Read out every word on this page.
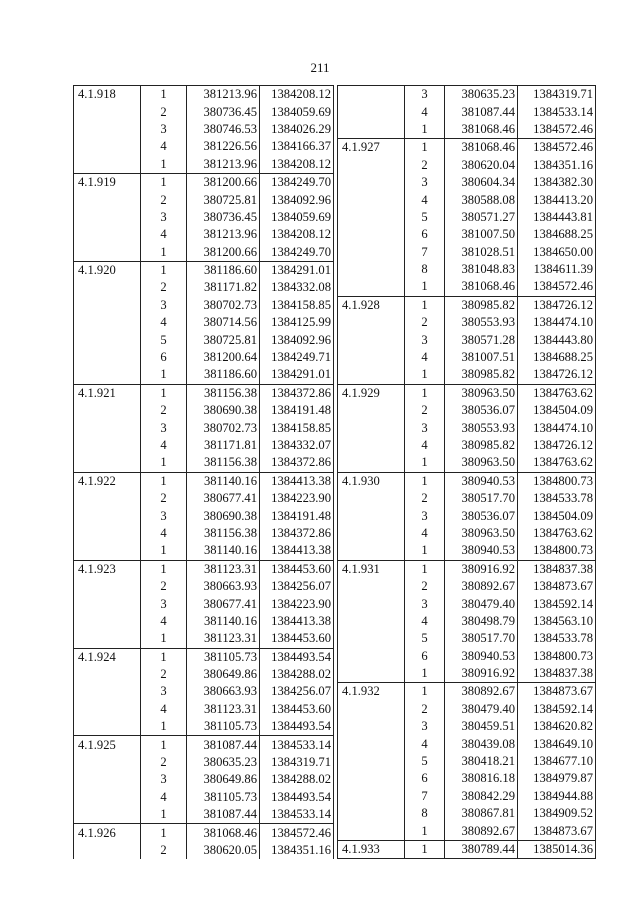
211
4.1.918	1	381213.96	1384208.12
	2	380736.45	1384059.69
	3	380746.53	1384026.29
	4	381226.56	1384166.37
	1	381213.96	1384208.12
4.1.919	1	381200.66	1384249.70
	2	380725.81	1384092.96
	3	380736.45	1384059.69
	4	381213.96	1384208.12
	1	381200.66	1384249.70
4.1.920	1	381186.60	1384291.01
	2	381171.82	1384332.08
	3	380702.73	1384158.85
	4	380714.56	1384125.99
	5	380725.81	1384092.96
	6	381200.64	1384249.71
	1	381186.60	1384291.01
4.1.921	1	381156.38	1384372.86
	2	380690.38	1384191.48
	3	380702.73	1384158.85
	4	381171.81	1384332.07
	1	381156.38	1384372.86
4.1.922	1	381140.16	1384413.38
	2	380677.41	1384223.90
	3	380690.38	1384191.48
	4	381156.38	1384372.86
	1	381140.16	1384413.38
4.1.923	1	381123.31	1384453.60
	2	380663.93	1384256.07
	3	380677.41	1384223.90
	4	381140.16	1384413.38
	1	381123.31	1384453.60
4.1.924	1	381105.73	1384493.54
	2	380649.86	1384288.02
	3	380663.93	1384256.07
	4	381123.31	1384453.60
	1	381105.73	1384493.54
4.1.925	1	381087.44	1384533.14
	2	380635.23	1384319.71
	3	380649.86	1384288.02
	4	381105.73	1384493.54
	1	381087.44	1384533.14
4.1.926	1	381068.46	1384572.46
	2	380620.05	1384351.16
	3	380635.23	1384319.71
	4	381087.44	1384533.14
	1	381068.46	1384572.46
4.1.927	1	381068.46	1384572.46
	2	380620.04	1384351.16
	3	380604.34	1384382.30
	4	380588.08	1384413.20
	5	380571.27	1384443.81
	6	381007.50	1384688.25
	7	381028.51	1384650.00
	8	381048.83	1384611.39
	1	381068.46	1384572.46
4.1.928	1	380985.82	1384726.12
	2	380553.93	1384474.10
	3	380571.28	1384443.80
	4	381007.51	1384688.25
	1	380985.82	1384726.12
4.1.929	1	380963.50	1384763.62
	2	380536.07	1384504.09
	3	380553.93	1384474.10
	4	380985.82	1384726.12
	1	380963.50	1384763.62
4.1.930	1	380940.53	1384800.73
	2	380517.70	1384533.78
	3	380536.07	1384504.09
	4	380963.50	1384763.62
	1	380940.53	1384800.73
4.1.931	1	380916.92	1384837.38
	2	380892.67	1384873.67
	3	380479.40	1384592.14
	4	380498.79	1384563.10
	5	380517.70	1384533.78
	6	380940.53	1384800.73
	1	380916.92	1384837.38
4.1.932	1	380892.67	1384873.67
	2	380479.40	1384592.14
	3	380459.51	1384620.82
	4	380439.08	1384649.10
	5	380418.21	1384677.10
	6	380816.18	1384979.87
	7	380842.29	1384944.88
	8	380867.81	1384909.52
	1	380892.67	1384873.67
4.1.933	1	380789.44	1385014.36
